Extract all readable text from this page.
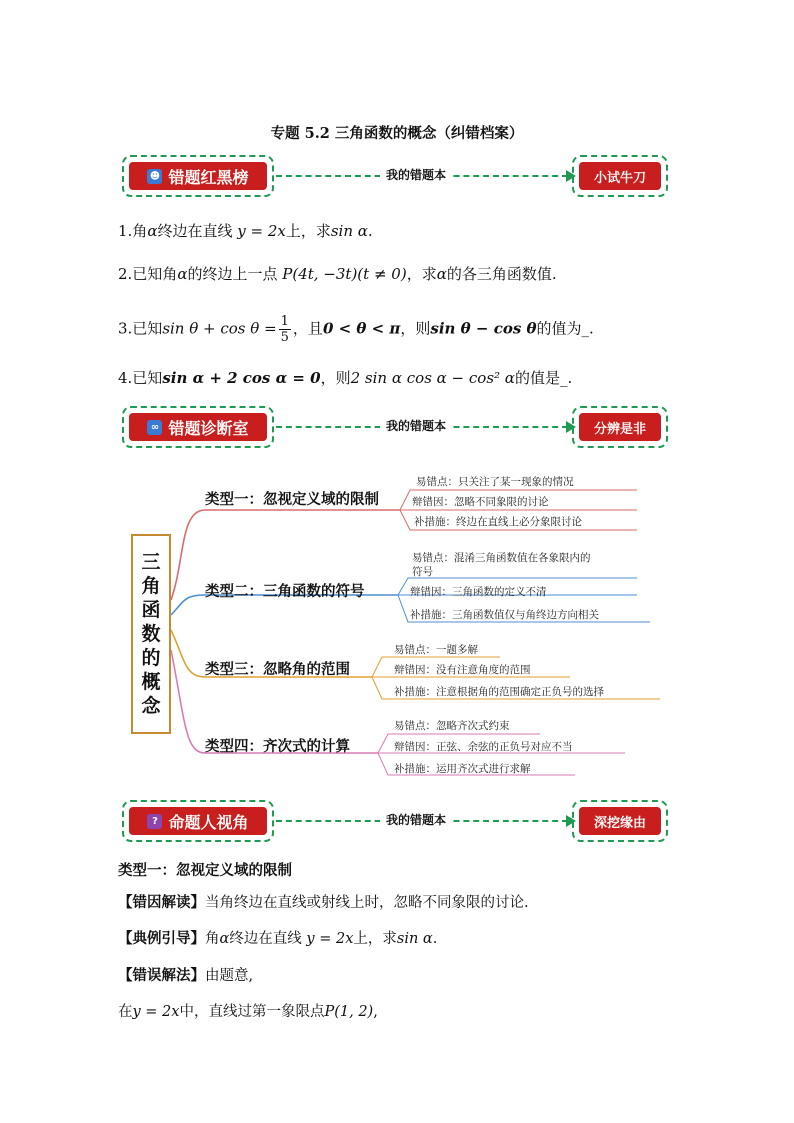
专题 5.2 三角函数的概念（纠错档案）
☻ 错题红黑榜	我的错题本	小试牛刀
1.角α终边在直线 y = 2x上，求sin α.
2.已知角α的终边上一点 P(4t, −3t)(t ≠ 0)，求α的各三角函数值.
3.已知$\sin \theta + \cos \theta = \frac{1}{5}$ ，且0 < θ < π，则sin θ − cos θ的值为_.
4.已知sin α + 2 cos α = 0，则2 sin α cos α − cos² α的值是_.
∞ 错题诊断室	我的错题本	分辨是非
三
角
函
数
的
概
念
类型一：忽视定义域的限制
易错点：只关注了某一现象的情况
辩错因：忽略不同象限的讨论
补措施：终边在直线上必分象限讨论
类型二：三角函数的符号
易错点：混淆三角函数值在各象限内的
符号
辩错因：三角函数的定义不清
补措施：三角函数值仅与角终边方向相关
类型三：忽略角的范围
易错点：一题多解
辩错因：没有注意角度的范围
补措施：注意根据角的范围确定正负号的选择
类型四：齐次式的计算
易错点：忽略齐次式约束
辩错因：正弦、余弦的正负号对应不当
补措施：运用齐次式进行求解
? 命题人视角	我的错题本	深挖缘由
类型一：忽视定义域的限制
【错因解读】当角终边在直线或射线上时，忽略不同象限的讨论.
【典例引导】角α终边在直线 y = 2x上，求sin α.
【错误解法】由题意,
在y = 2x中，直线过第一象限点P(1, 2),
